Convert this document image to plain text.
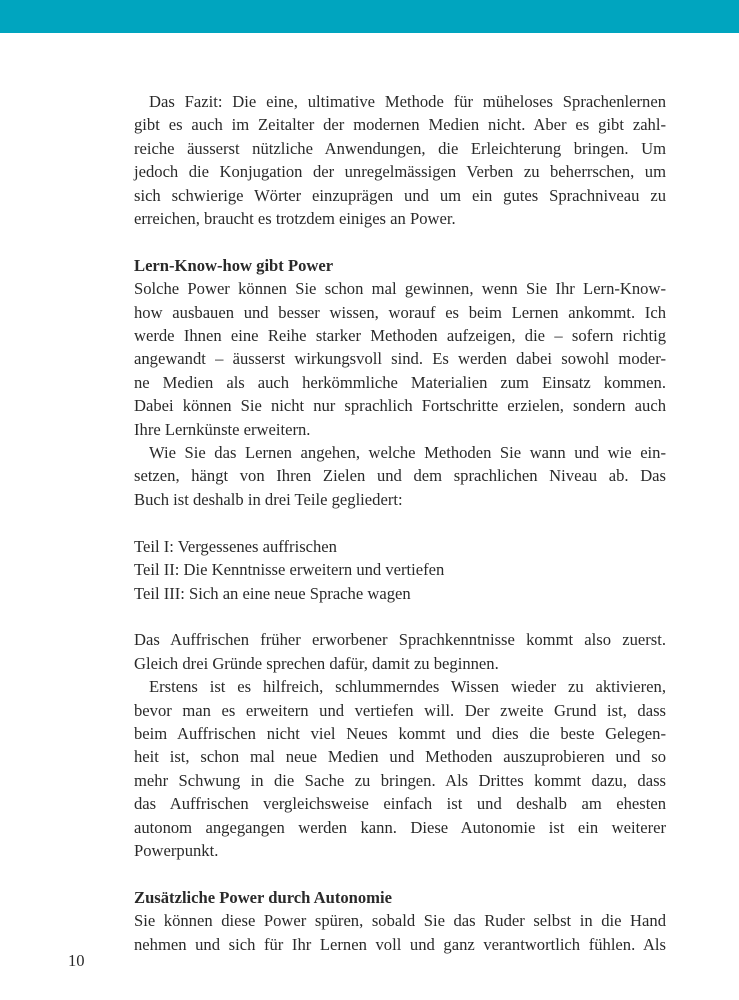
Das Fazit: Die eine, ultimative Methode für müheloses Sprachenlernen
gibt es auch im Zeitalter der modernen Medien nicht. Aber es gibt zahl-
reiche äusserst nützliche Anwendungen, die Erleichterung bringen. Um
jedoch die Konjugation der unregelmässigen Verben zu beherrschen, um
sich schwierige Wörter einzuprägen und um ein gutes Sprachniveau zu
erreichen, braucht es trotzdem einiges an Power.
Lern-Know-how gibt Power
Solche Power können Sie schon mal gewinnen, wenn Sie Ihr Lern-Know-
how ausbauen und besser wissen, worauf es beim Lernen ankommt. Ich
werde Ihnen eine Reihe starker Methoden aufzeigen, die – sofern richtig
angewandt – äusserst wirkungsvoll sind. Es werden dabei sowohl moder-
ne Medien als auch herkömmliche Materialien zum Einsatz kommen.
Dabei können Sie nicht nur sprachlich Fortschritte erzielen, sondern auch
Ihre Lernkünste erweitern.
Wie Sie das Lernen angehen, welche Methoden Sie wann und wie ein-
setzen, hängt von Ihren Zielen und dem sprachlichen Niveau ab. Das
Buch ist deshalb in drei Teile gegliedert:
Teil I: Vergessenes auffrischen
Teil II: Die Kenntnisse erweitern und vertiefen
Teil III: Sich an eine neue Sprache wagen
Das Auffrischen früher erworbener Sprachkenntnisse kommt also zuerst.
Gleich drei Gründe sprechen dafür, damit zu beginnen.
Erstens ist es hilfreich, schlummerndes Wissen wieder zu aktivieren,
bevor man es erweitern und vertiefen will. Der zweite Grund ist, dass
beim Auffrischen nicht viel Neues kommt und dies die beste Gelegen-
heit ist, schon mal neue Medien und Methoden auszuprobieren und so
mehr Schwung in die Sache zu bringen. Als Drittes kommt dazu, dass
das Auffrischen vergleichsweise einfach ist und deshalb am ehesten
autonom angegangen werden kann. Diese Autonomie ist ein weiterer
Powerpunkt.
Zusätzliche Power durch Autonomie
Sie können diese Power spüren, sobald Sie das Ruder selbst in die Hand
nehmen und sich für Ihr Lernen voll und ganz verantwortlich fühlen. Als
10
